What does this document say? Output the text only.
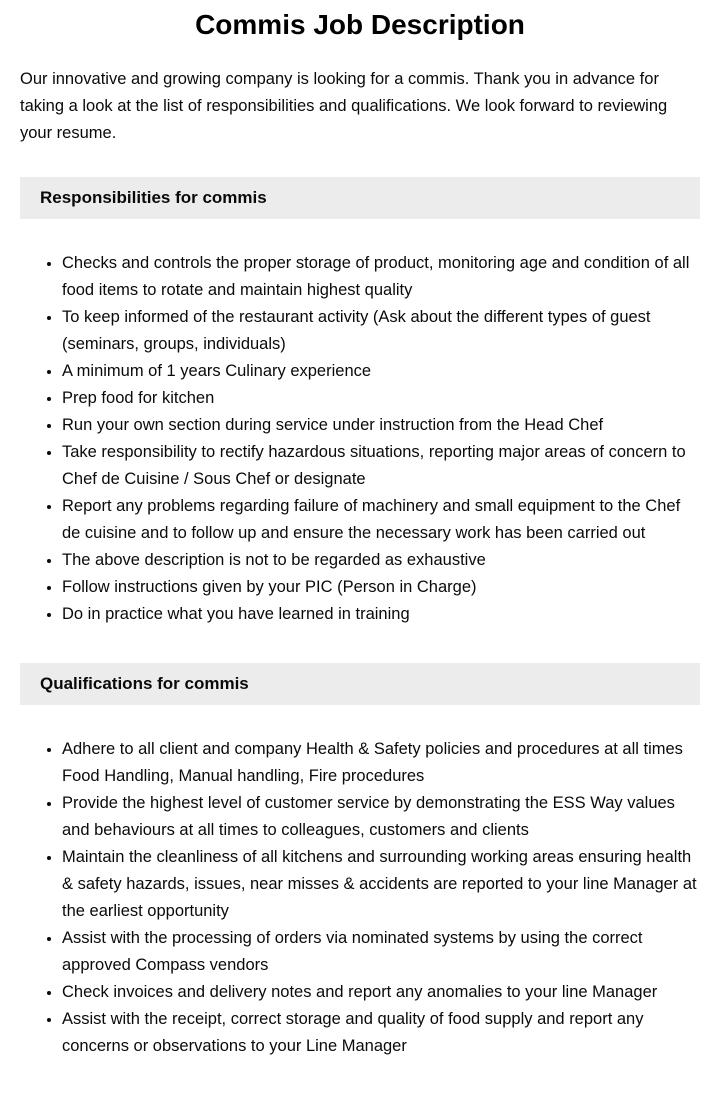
Commis Job Description

Our innovative and growing company is looking for a commis. Thank you in advance for taking a look at the list of responsibilities and qualifications. We look forward to reviewing your resume.

Responsibilities for commis
• Checks and controls the proper storage of product, monitoring age and condition of all food items to rotate and maintain highest quality
• To keep informed of the restaurant activity (Ask about the different types of guest (seminars, groups, individuals)
• A minimum of 1 years Culinary experience
• Prep food for kitchen
• Run your own section during service under instruction from the Head Chef
• Take responsibility to rectify hazardous situations, reporting major areas of concern to Chef de Cuisine / Sous Chef or designate
• Report any problems regarding failure of machinery and small equipment to the Chef de cuisine and to follow up and ensure the necessary work has been carried out
• The above description is not to be regarded as exhaustive
• Follow instructions given by your PIC (Person in Charge)
• Do in practice what you have learned in training
Qualifications for commis
• Adhere to all client and company Health & Safety policies and procedures at all times Food Handling, Manual handling, Fire procedures
• Provide the highest level of customer service by demonstrating the ESS Way values and behaviours at all times to colleagues, customers and clients
• Maintain the cleanliness of all kitchens and surrounding working areas ensuring health & safety hazards, issues, near misses & accidents are reported to your line Manager at the earliest opportunity
• Assist with the processing of orders via nominated systems by using the correct approved Compass vendors
• Check invoices and delivery notes and report any anomalies to your line Manager
• Assist with the receipt, correct storage and quality of food supply and report any concerns or observations to your Line Manager
